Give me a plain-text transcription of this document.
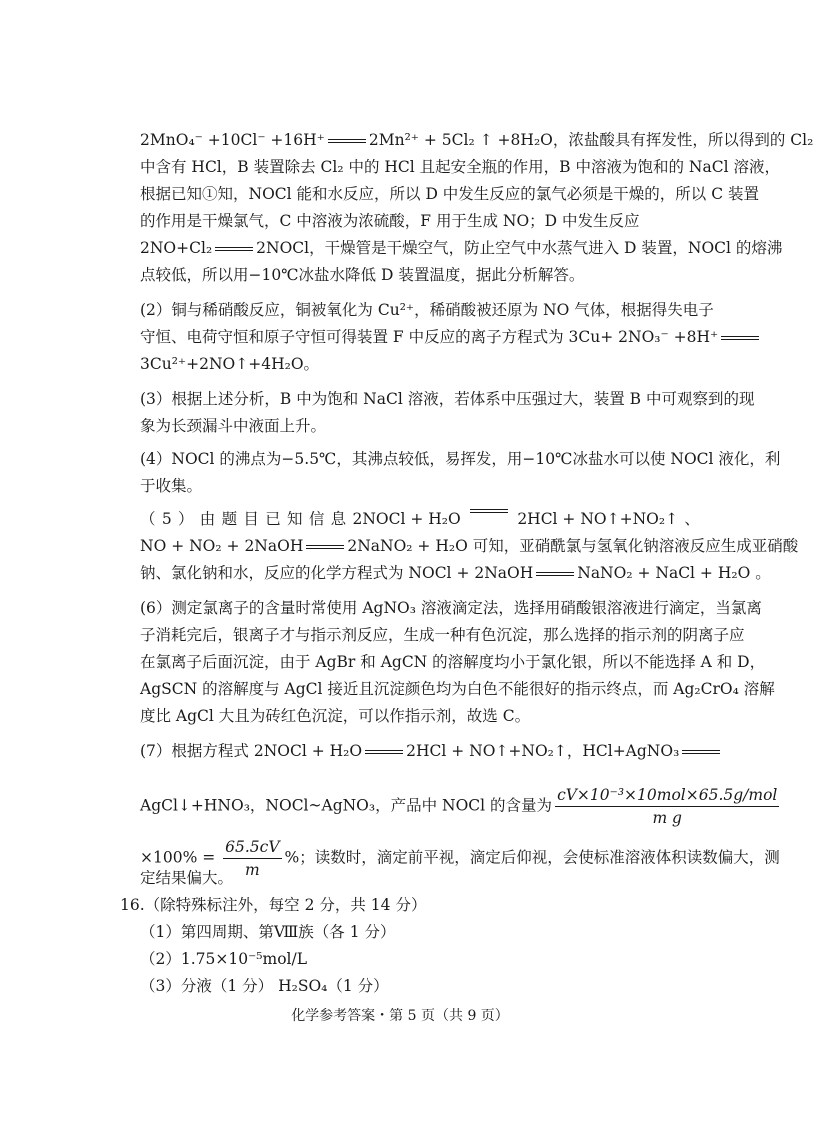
2MnO₄⁻ +10Cl⁻ +16H⁺	2Mn²⁺ + 5Cl₂ ↑ +8H₂O，浓盐酸具有挥发性，所以得到的 Cl₂
中含有 HCl，B 装置除去 Cl₂ 中的 HCl 且起安全瓶的作用，B 中溶液为饱和的 NaCl 溶液，
根据已知①知，NOCl 能和水反应，所以 D 中发生反应的氯气必须是干燥的，所以 C 装置
的作用是干燥氯气，C 中溶液为浓硫酸，F 用于生成 NO；D 中发生反应
2NO+Cl₂	2NOCl，干燥管是干燥空气，防止空气中水蒸气进入 D 装置，NOCl 的熔沸
点较低，所以用−10℃冰盐水降低 D 装置温度，据此分析解答。
(2）铜与稀硝酸反应，铜被氧化为 Cu²⁺，稀硝酸被还原为 NO 气体，根据得失电子
守恒、电荷守恒和原子守恒可得装置 F 中反应的离子方程式为 3Cu+ 2NO₃⁻ +8H⁺
3Cu²⁺+2NO↑+4H₂O。
(3）根据上述分析，B 中为饱和 NaCl 溶液，若体系中压强过大，装置 B 中可观察到的现
象为长颈漏斗中液面上升。
(4）NOCl 的沸点为−5.5℃，其沸点较低，易挥发，用−10℃冰盐水可以使 NOCl 液化，利
于收集。
（ 5 ） 由 题 目 已 知 信 息 2NOCl + H₂O	2HCl + NO↑+NO₂↑ 、
NO + NO₂ + 2NaOH	2NaNO₂ + H₂O 可知，亚硝酰氯与氢氧化钠溶液反应生成亚硝酸
钠、氯化钠和水，反应的化学方程式为 NOCl + 2NaOH	NaNO₂ + NaCl + H₂O 。
(6）测定氯离子的含量时常使用 AgNO₃ 溶液滴定法，选择用硝酸银溶液进行滴定，当氯离
子消耗完后，银离子才与指示剂反应，生成一种有色沉淀，那么选择的指示剂的阴离子应
在氯离子后面沉淀，由于 AgBr 和 AgCN 的溶解度均小于氯化银，所以不能选择 A 和 D，
AgSCN 的溶解度与 AgCl 接近且沉淀颜色均为白色不能很好的指示终点，而 Ag₂CrO₄ 溶解
度比 AgCl 大且为砖红色沉淀，可以作指示剂，故选 C。
(7）根据方程式 2NOCl + H₂O	2HCl + NO↑+NO₂↑，HCl+AgNO₃
AgCl↓+HNO₃，NOCl~AgNO₃，产品中 NOCl 的含量为 $\frac{\text{cV×10⁻³×10mol×65.5g/mol}}{\text{m g}}$
$\times 100\% = \frac{65.5cV}{m}$ %；读数时，滴定前平视，滴定后仰视，会使标准溶液体积读数偏大，测
定结果偏大。
16.（除特殊标注外，每空 2 分，共 14 分）
（1）第四周期、第Ⅷ族（各 1 分）
（2）1.75×10⁻⁵mol/L
（3）分液（1 分） H₂SO₄（1 分）
化学参考答案・第 5 页（共 9 页）
